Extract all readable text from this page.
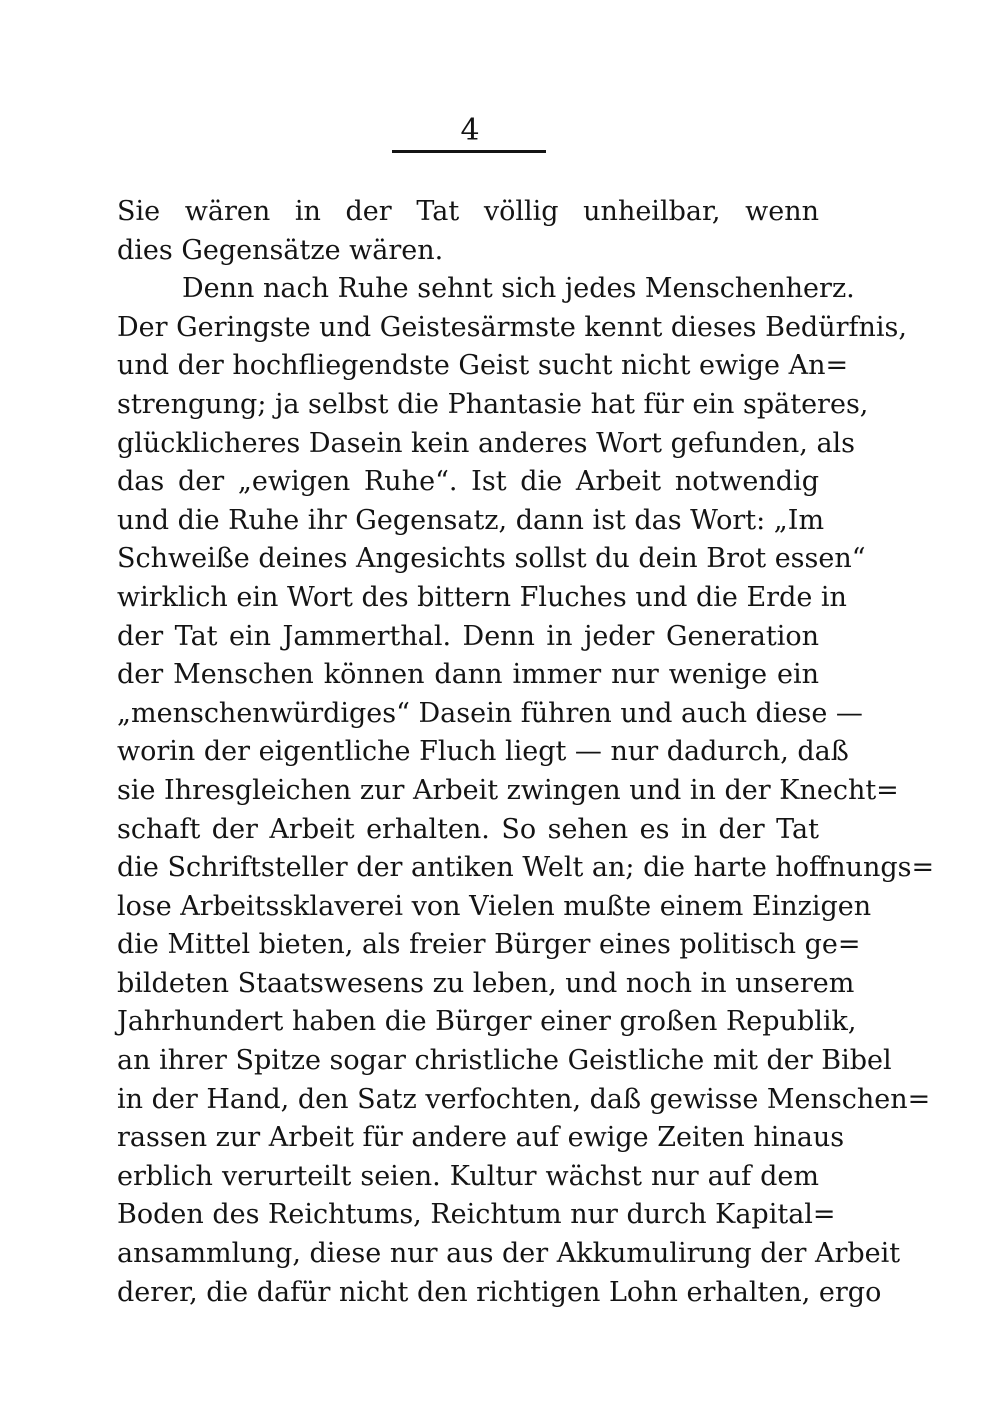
4
Sie wären in der Tat völlig unheilbar, wenn
dies Gegensätze wären.
Denn nach Ruhe sehnt sich jedes Menschenherz.
Der Geringste und Geistesärmste kennt dieses Bedürfnis,
und der hochfliegendste Geist sucht nicht ewige An=
strengung; ja selbst die Phantasie hat für ein späteres,
glücklicheres Dasein kein anderes Wort gefunden, als
das der „ewigen Ruhe“. Ist die Arbeit notwendig
und die Ruhe ihr Gegensatz, dann ist das Wort: „Im
Schweiße deines Angesichts sollst du dein Brot essen“
wirklich ein Wort des bittern Fluches und die Erde in
der Tat ein Jammerthal. Denn in jeder Generation
der Menschen können dann immer nur wenige ein
„menschenwürdiges“ Dasein führen und auch diese —
worin der eigentliche Fluch liegt — nur dadurch, daß
sie Ihresgleichen zur Arbeit zwingen und in der Knecht=
schaft der Arbeit erhalten. So sehen es in der Tat
die Schriftsteller der antiken Welt an; die harte hoffnungs=
lose Arbeitssklaverei von Vielen mußte einem Einzigen
die Mittel bieten, als freier Bürger eines politisch ge=
bildeten Staatswesens zu leben, und noch in unserem
Jahrhundert haben die Bürger einer großen Republik,
an ihrer Spitze sogar christliche Geistliche mit der Bibel
in der Hand, den Satz verfochten, daß gewisse Menschen=
rassen zur Arbeit für andere auf ewige Zeiten hinaus
erblich verurteilt seien. Kultur wächst nur auf dem
Boden des Reichtums, Reichtum nur durch Kapital=
ansammlung, diese nur aus der Akkumulirung der Arbeit
derer, die dafür nicht den richtigen Lohn erhalten, ergo
